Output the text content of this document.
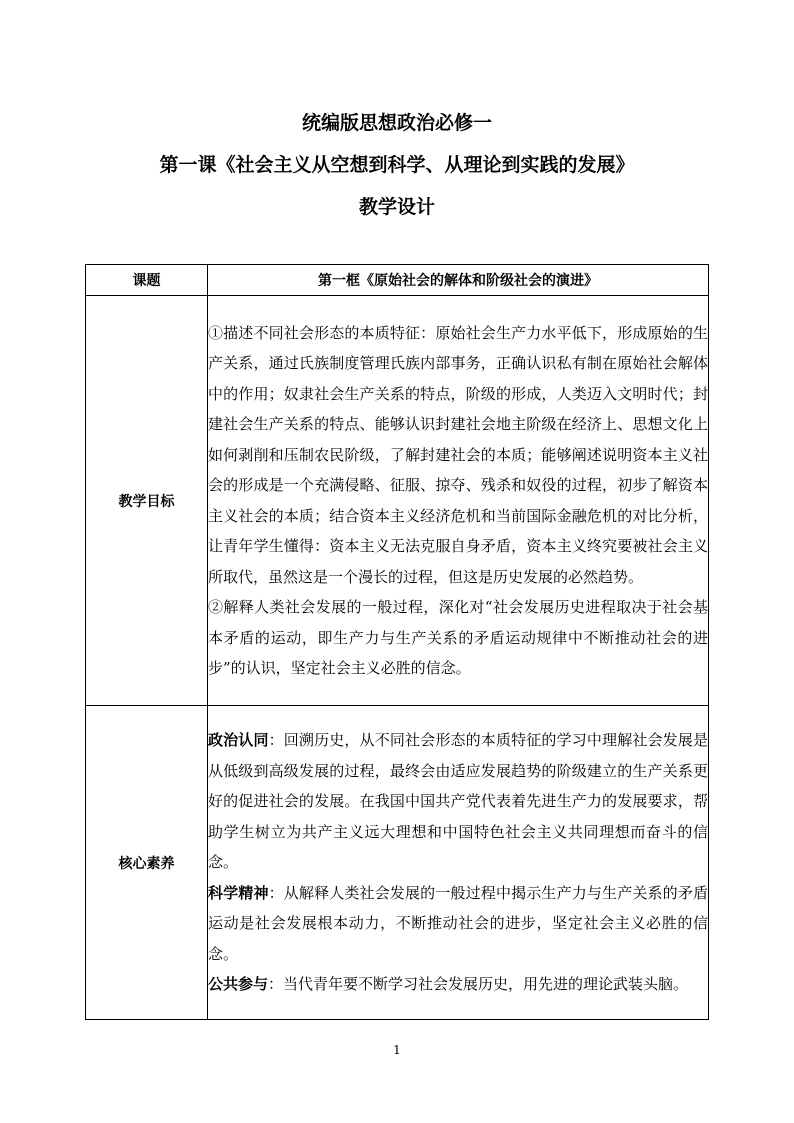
统编版思想政治必修一
第一课《社会主义从空想到科学、从理论到实践的发展》
教学设计
课题	第一框《原始社会的解体和阶级社会的演进》
教学目标	①描述不同社会形态的本质特征：原始社会生产力水平低下，形成原始的生产关系，通过氏族制度管理氏族内部事务，正确认识私有制在原始社会解体中的作用；奴隶社会生产关系的特点，阶级的形成，人类迈入文明时代；封建社会生产关系的特点、能够认识封建社会地主阶级在经济上、思想文化上如何剥削和压制农民阶级，了解封建社会的本质；能够阐述说明资本主义社会的形成是一个充满侵略、征服、掠夺、残杀和奴役的过程，初步了解资本主义社会的本质；结合资本主义经济危机和当前国际金融危机的对比分析，让青年学生懂得：资本主义无法克服自身矛盾，资本主义终究要被社会主义所取代，虽然这是一个漫长的过程，但这是历史发展的必然趋势。
②解释人类社会发展的一般过程，深化对“社会发展历史进程取决于社会基本矛盾的运动，即生产力与生产关系的矛盾运动规律中不断推动社会的进步”的认识，坚定社会主义必胜的信念。

核心素养	政治认同：回溯历史，从不同社会形态的本质特征的学习中理解社会发展是从低级到高级发展的过程，最终会由适应发展趋势的阶级建立的生产关系更好的促进社会的发展。在我国中国共产党代表着先进生产力的发展要求，帮助学生树立为共产主义远大理想和中国特色社会主义共同理想而奋斗的信念。
科学精神：从解释人类社会发展的一般过程中揭示生产力与生产关系的矛盾运动是社会发展根本动力，不断推动社会的进步，坚定社会主义必胜的信念。
公共参与：当代青年要不断学习社会发展历史，用先进的理论武装头脑。
1
